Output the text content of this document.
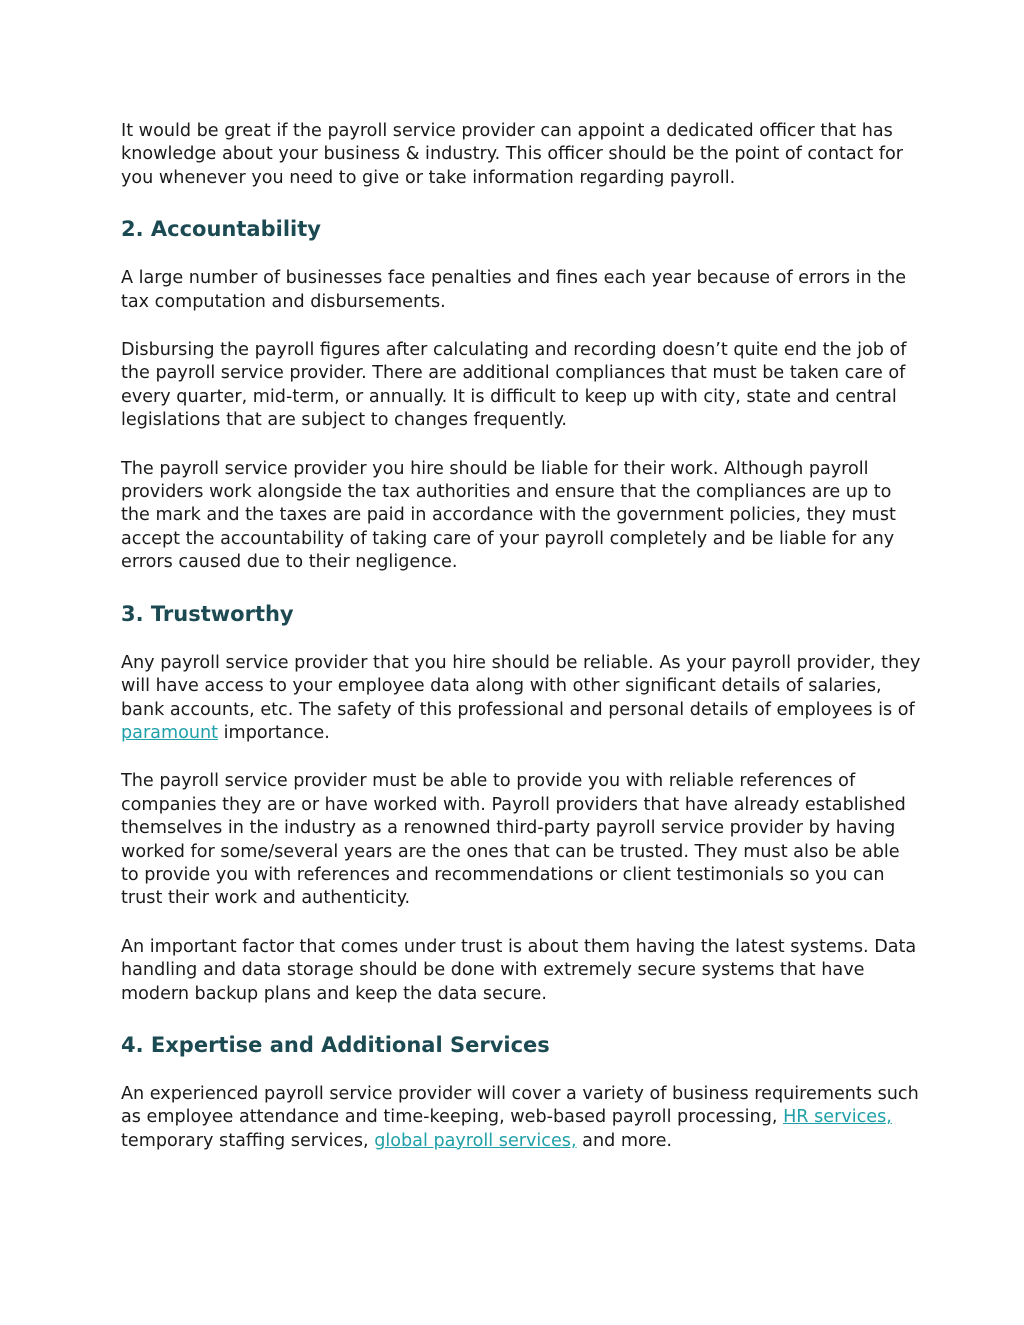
It would be great if the payroll service provider can appoint a dedicated officer that has knowledge about your business & industry. This officer should be the point of contact for you whenever you need to give or take information regarding payroll.

2. Accountability

A large number of businesses face penalties and fines each year because of errors in the tax computation and disbursements.

Disbursing the payroll figures after calculating and recording doesn’t quite end the job of the payroll service provider. There are additional compliances that must be taken care of every quarter, mid-term, or annually. It is difficult to keep up with city, state and central legislations that are subject to changes frequently.

The payroll service provider you hire should be liable for their work. Although payroll providers work alongside the tax authorities and ensure that the compliances are up to the mark and the taxes are paid in accordance with the government policies, they must accept the accountability of taking care of your payroll completely and be liable for any errors caused due to their negligence.

3. Trustworthy

Any payroll service provider that you hire should be reliable. As your payroll provider, they will have access to your employee data along with other significant details of salaries, bank accounts, etc. The safety of this professional and personal details of employees is of paramount importance.

The payroll service provider must be able to provide you with reliable references of companies they are or have worked with. Payroll providers that have already established themselves in the industry as a renowned third-party payroll service provider by having worked for some/several years are the ones that can be trusted. They must also be able to provide you with references and recommendations or client testimonials so you can trust their work and authenticity.

An important factor that comes under trust is about them having the latest systems. Data handling and data storage should be done with extremely secure systems that have modern backup plans and keep the data secure.

4. Expertise and Additional Services

An experienced payroll service provider will cover a variety of business requirements such as employee attendance and time-keeping, web-based payroll processing, HR services, temporary staffing services, global payroll services, and more.
